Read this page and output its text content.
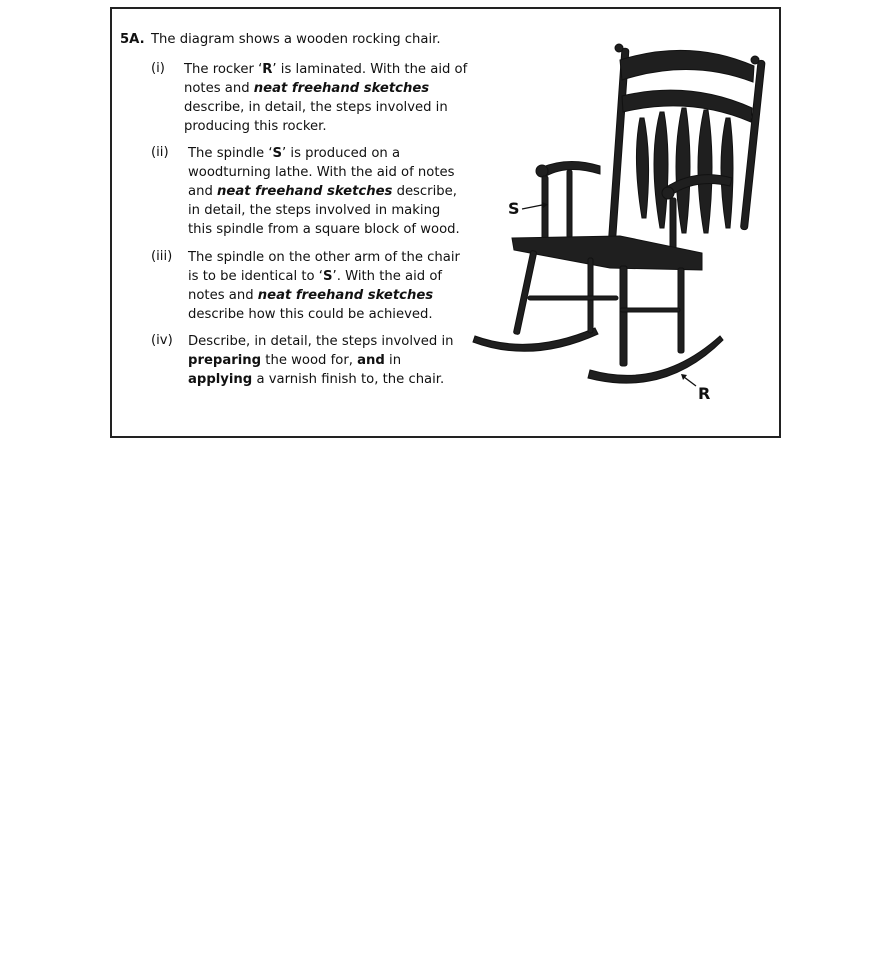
5A. The diagram shows a wooden rocking chair.
(i) The rocker ‘R’ is laminated. With the aid of notes and neat freehand sketches describe, in detail, the steps involved in producing this rocker.
(ii) The spindle ‘S’ is produced on a woodturning lathe. With the aid of notes and neat freehand sketches describe, in detail, the steps involved in making this spindle from a square block of wood.
(iii) The spindle on the other arm of the chair is to be identical to ‘S’. With the aid of notes and neat freehand sketches describe how this could be achieved.
(iv) Describe, in detail, the steps involved in preparing the wood for, and in applying a varnish finish to, the chair.
S
R
